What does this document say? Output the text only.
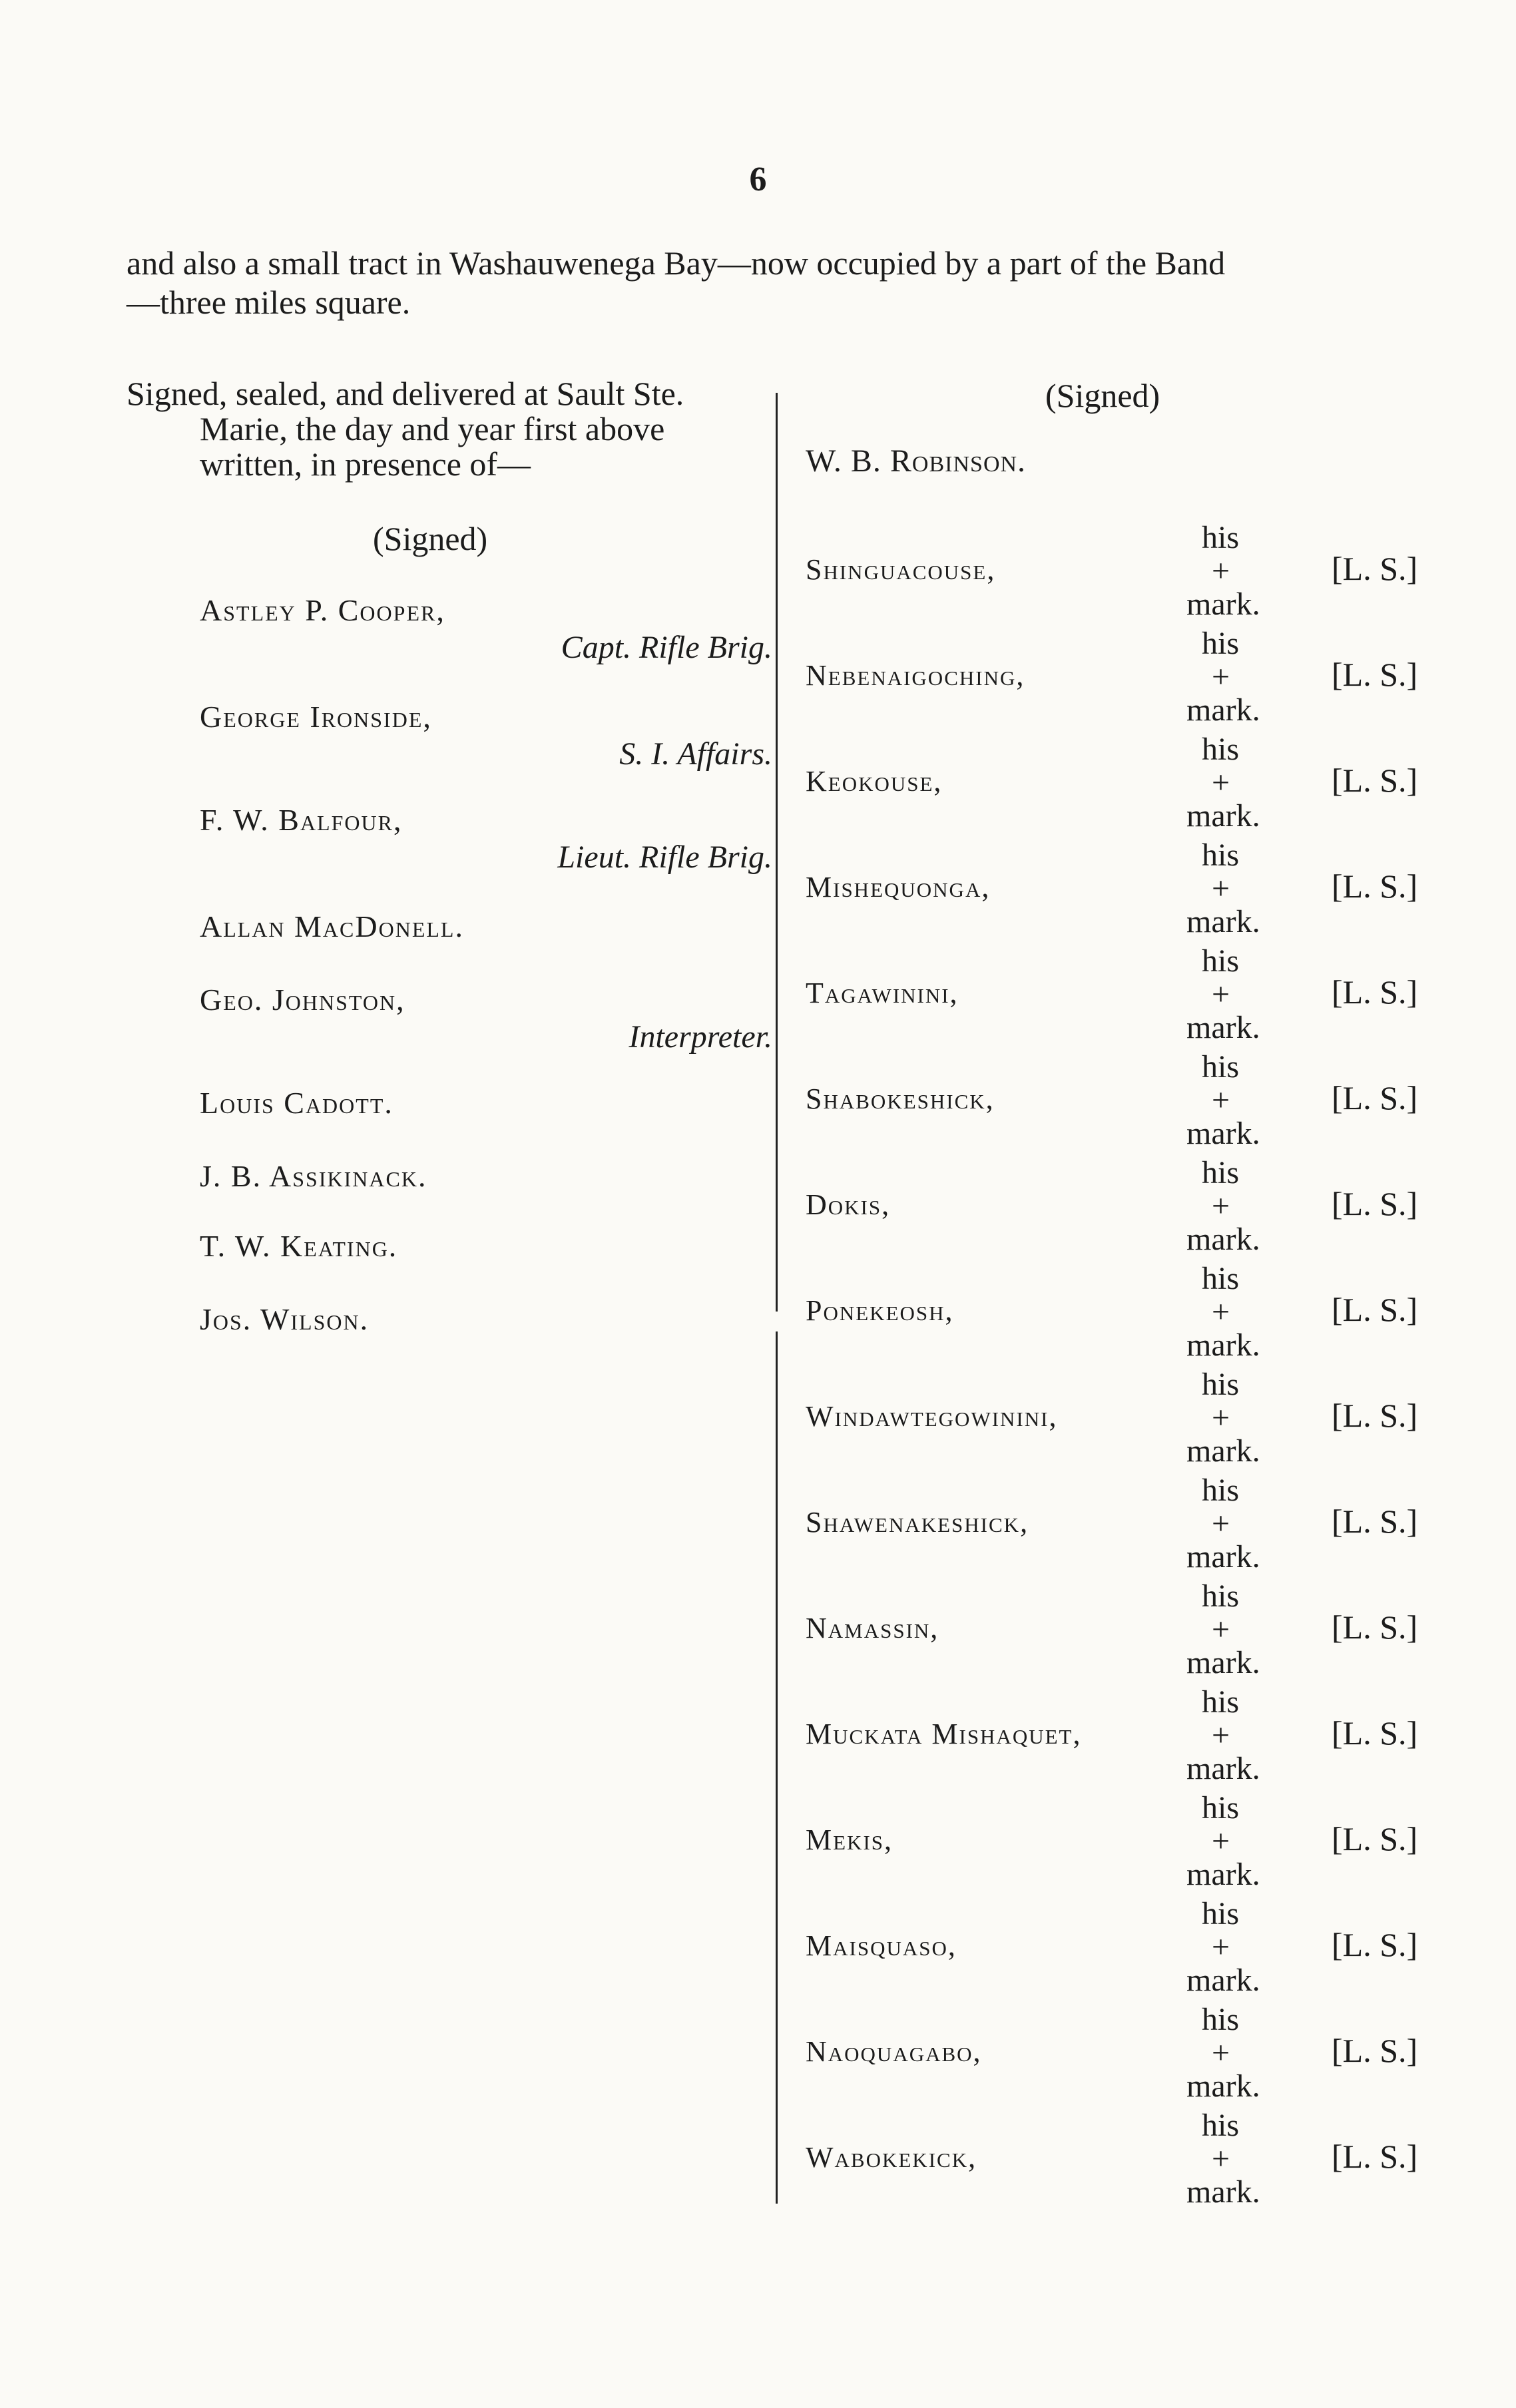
6
and also a small tract in Washauwenega Bay—now occupied by a part of the Band
—three miles square.
Signed, sealed, and delivered at Sault Ste.
Marie, the day and year first above
written, in presence of—
(Signed)
(Signed)
W. B. Robinson.
Astley P. Cooper,
Capt. Rifle Brig.
George Ironside,
S. I. Affairs.
F. W. Balfour,
Lieut. Rifle Brig.
Allan MacDonell.
Geo. Johnston,
Interpreter.
Louis Cadott.
J. B. Assikinack.
T. W. Keating.
Jos. Wilson.
his
Shinguacouse,	+	[L. S.]
mark.
his
Nebenaigoching,	+	[L. S.]
mark.
his
Keokouse,	+	[L. S.]
mark.
his
Mishequonga,	+	[L. S.]
mark.
his
Tagawinini,	+	[L. S.]
mark.
his
Shabokeshick,	+	[L. S.]
mark.
his
Dokis,	+	[L. S.]
mark.
his
Ponekeosh,	+	[L. S.]
mark.
his
Windawtegowinini,	+	[L. S.]
mark.
his
Shawenakeshick,	+	[L. S.]
mark.
his
Namassin,	+	[L. S.]
mark.
his
Muckata Mishaquet,	+	[L. S.]
mark.
his
Mekis,	+	[L. S.]
mark.
his
Maisquaso,	+	[L. S.]
mark.
his
Naoquagabo,	+	[L. S.]
mark.
his
Wabokekick,	+	[L. S.]
mark.
